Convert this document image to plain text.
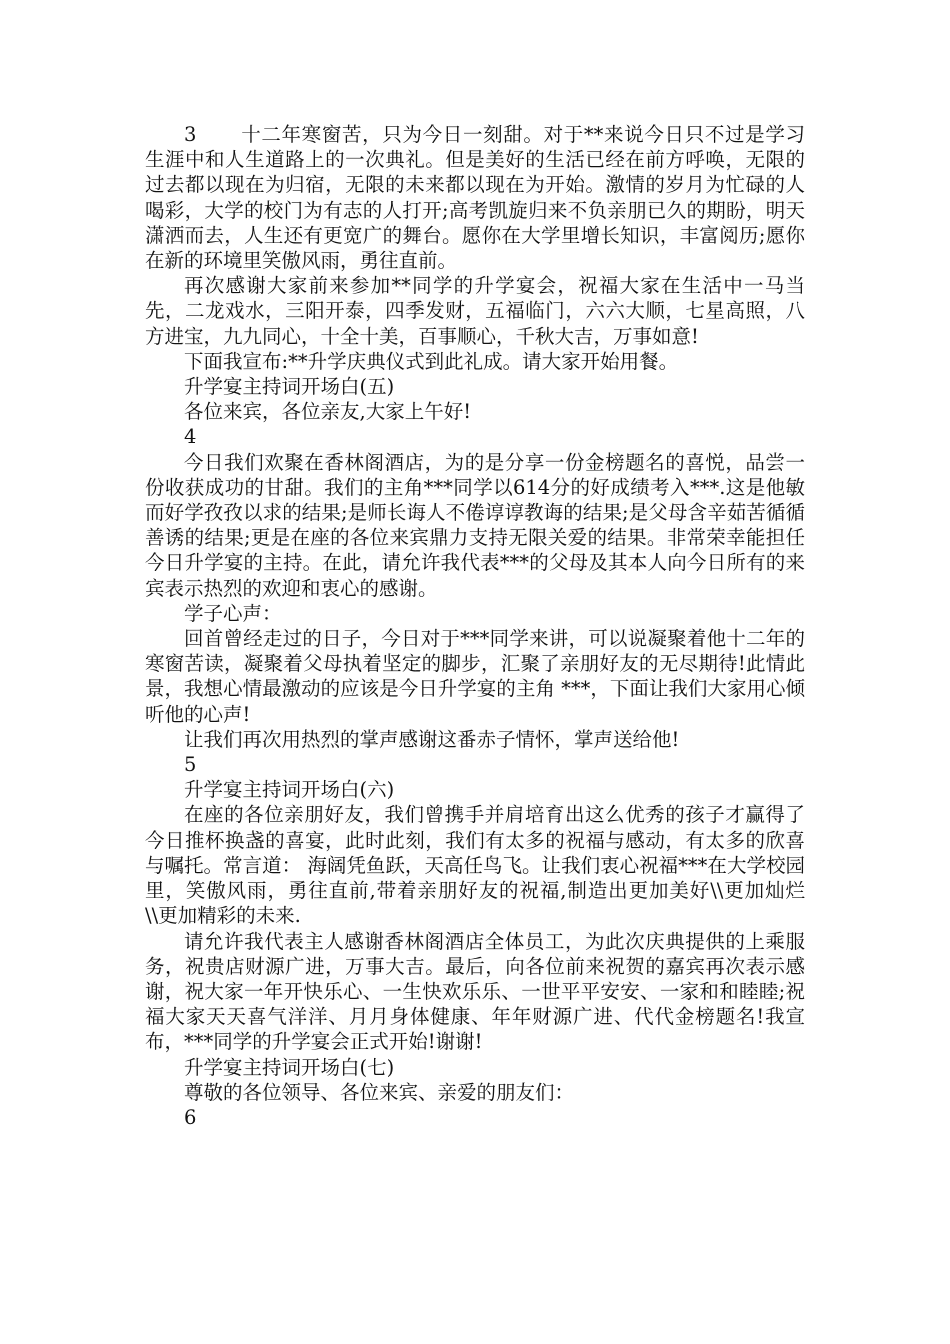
3 十二年寒窗苦，只为今日一刻甜。对于**来说今日只不过是学习生涯中和人生道路上的一次典礼。但是美好的生活已经在前方呼唤，无限的过去都以现在为归宿，无限的未来都以现在为开始。激情的岁月为忙碌的人喝彩，大学的校门为有志的人打开;高考凯旋归来不负亲朋已久的期盼，明天潇洒而去，人生还有更宽广的舞台。愿你在大学里增长知识，丰富阅历;愿你在新的环境里笑傲风雨，勇往直前。

再次感谢大家前来参加**同学的升学宴会，祝福大家在生活中一马当先，二龙戏水，三阳开泰，四季发财，五福临门，六六大顺，七星高照，八方进宝，九九同心，十全十美，百事顺心，千秋大吉，万事如意!

下面我宣布:**升学庆典仪式到此礼成。请大家开始用餐。

升学宴主持词开场白(五)

各位来宾，各位亲友,大家上午好!

4

今日我们欢聚在香林阁酒店，为的是分享一份金榜题名的喜悦，品尝一份收获成功的甘甜。我们的主角***同学以614分的好成绩考入***.这是他敏而好学孜孜以求的结果;是师长诲人不倦谆谆教诲的结果;是父母含辛茹苦循循善诱的结果;更是在座的各位来宾鼎力支持无限关爱的结果。非常荣幸能担任今日升学宴的主持。在此，请允许我代表***的父母及其本人向今日所有的来宾表示热烈的欢迎和衷心的感谢。

学子心声：

回首曾经走过的日子，今日对于***同学来讲，可以说凝聚着他十二年的寒窗苦读，凝聚着父母执着坚定的脚步，汇聚了亲朋好友的无尽期待!此情此景，我想心情最激动的应该是今日升学宴的主角 ***，下面让我们大家用心倾听他的心声!

让我们再次用热烈的掌声感谢这番赤子情怀，掌声送给他!

5

升学宴主持词开场白(六)

在座的各位亲朋好友，我们曾携手并肩培育出这么优秀的孩子才赢得了今日推杯换盏的喜宴，此时此刻，我们有太多的祝福与感动，有太多的欣喜与嘱托。常言道： 海阔凭鱼跃，天高任鸟飞。让我们衷心祝福***在大学校园里，笑傲风雨，勇往直前,带着亲朋好友的祝福,制造出更加美好\\更加灿烂\\更加精彩的未来.

请允许我代表主人感谢香林阁酒店全体员工，为此次庆典提供的上乘服务，祝贵店财源广进，万事大吉。最后，向各位前来祝贺的嘉宾再次表示感谢，祝大家一年开快乐心、一生快欢乐乐、一世平平安安、一家和和睦睦;祝福大家天天喜气洋洋、月月身体健康、年年财源广进、代代金榜题名!我宣布，***同学的升学宴会正式开始!谢谢!

升学宴主持词开场白(七)

尊敬的各位领导、各位来宾、亲爱的朋友们：

6
